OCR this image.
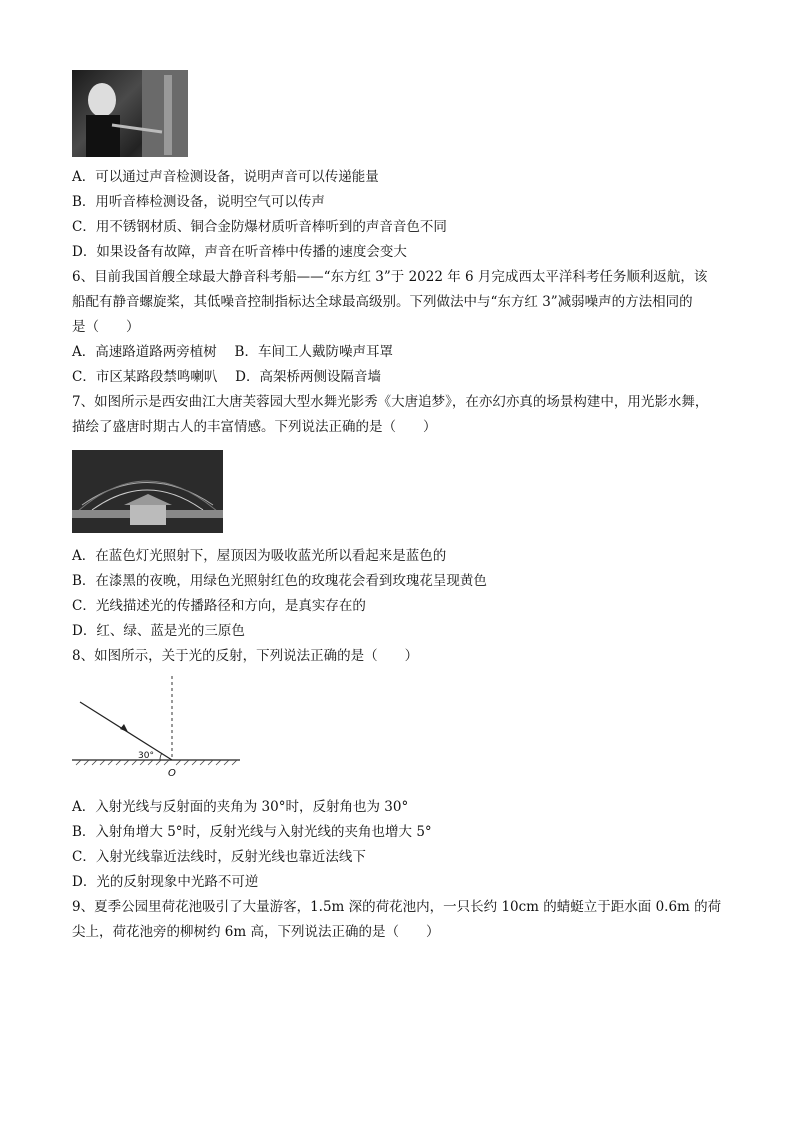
A．可以通过声音检测设备，说明声音可以传递能量
B．用听音棒检测设备，说明空气可以传声
C．用不锈钢材质、铜合金防爆材质听音棒听到的声音音色不同
D．如果设备有故障，声音在听音棒中传播的速度会变大
6、目前我国首艘全球最大静音科考船——“东方红 3”于 2022 年 6 月完成西太平洋科考任务顺利返航，该
船配有静音螺旋桨，其低噪音控制指标达全球最高级别。下列做法中与“东方红 3”减弱噪声的方法相同的
是（　　）
A．高速路道路两旁植树　 B．车间工人戴防噪声耳罩
C．市区某路段禁鸣喇叭　 D．高架桥两侧设隔音墙
7、如图所示是西安曲江大唐芙蓉园大型水舞光影秀《大唐追梦》，在亦幻亦真的场景构建中，用光影水舞，
描绘了盛唐时期古人的丰富情感。下列说法正确的是（　　）
A．在蓝色灯光照射下，屋顶因为吸收蓝光所以看起来是蓝色的
B．在漆黑的夜晚，用绿色光照射红色的玫瑰花会看到玫瑰花呈现黄色
C．光线描述光的传播路径和方向，是真实存在的
D．红、绿、蓝是光的三原色
8、如图所示，关于光的反射，下列说法正确的是（　　）
30°
O
A．入射光线与反射面的夹角为 30°时，反射角也为 30°
B．入射角增大 5°时，反射光线与入射光线的夹角也增大 5°
C．入射光线靠近法线时，反射光线也靠近法线下
D．光的反射现象中光路不可逆
9、夏季公园里荷花池吸引了大量游客，1.5m 深的荷花池内，一只长约 10cm 的蜻蜓立于距水面 0.6m 的荷
尖上，荷花池旁的柳树约 6m 高，下列说法正确的是（　　）
